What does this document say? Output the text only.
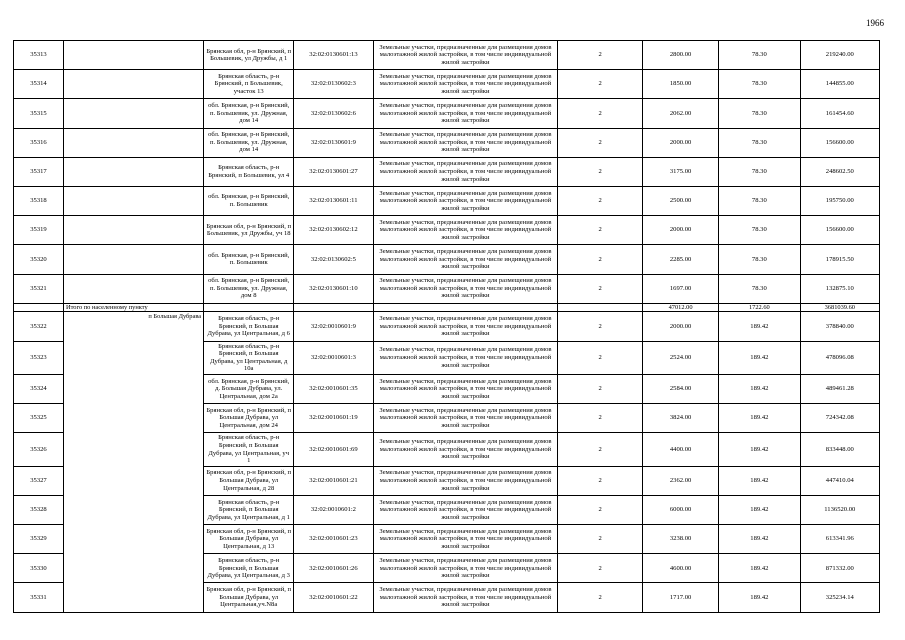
1966
35313		Брянская обл, р-н Брянский, п Большевик, ул Дружбы, д 1	32:02:0130601:13	Земельные участки, предназначенные для размещения домов малоэтажной жилой застройки, в том числе индивидуальной жилой застройки	2	2800.00	78.30	219240.00
35314		Брянская область, р-н Брянский, п Большевик, участок 13	32:02:0130602:3	Земельные участки, предназначенные для размещения домов малоэтажной жилой застройки, в том числе индивидуальной жилой застройки	2	1850.00	78.30	144855.00
35315		обл. Брянская, р-н Брянский, п. Большевик, ул. Дружная, дом 14	32:02:0130602:6	Земельные участки, предназначенные для размещения домов малоэтажной жилой застройки, в том числе индивидуальной жилой застройки	2	2062.00	78.30	161454.60
35316		обл. Брянская, р-н Брянский, п. Большевик, ул. Дружная, дом 14	32:02:0130601:9	Земельные участки, предназначенные для размещения домов малоэтажной жилой застройки, в том числе индивидуальной жилой застройки	2	2000.00	78.30	156600.00
35317		Брянская область, р-н Брянский, п Большевик, ул 4	32:02:0130601:27	Земельные участки, предназначенные для размещения домов малоэтажной жилой застройки, в том числе индивидуальной жилой застройки	2	3175.00	78.30	248602.50
35318		обл. Брянская, р-н Брянский, п. Большевик	32:02:0130601:11	Земельные участки, предназначенные для размещения домов малоэтажной жилой застройки, в том числе индивидуальной жилой застройки	2	2500.00	78.30	195750.00
35319		Брянская обл, р-н Брянский, п Большевик, ул Дружбы, уч 18	32:02:0130602:12	Земельные участки, предназначенные для размещения домов малоэтажной жилой застройки, в том числе индивидуальной жилой застройки	2	2000.00	78.30	156600.00
35320		обл. Брянская, р-н Брянский, п. Большевик	32:02:0130602:5	Земельные участки, предназначенные для размещения домов малоэтажной жилой застройки, в том числе индивидуальной жилой застройки	2	2285.00	78.30	178915.50
35321		обл. Брянская, р-н Брянский, п. Большевик, ул. Дружная, дом 8	32:02:0130601:10	Земельные участки, предназначенные для размещения домов малоэтажной жилой застройки, в том числе индивидуальной жилой застройки	2	1697.00	78.30	132875.10
	Итого по населенному пункту					47012.00	1722.60	3681039.60
35322	п Большая Дубрава	Брянская область, р-н Брянский, п Большая Дубрава, ул Центральная, д 6	32:02:0010601:9	Земельные участки, предназначенные для размещения домов малоэтажной жилой застройки, в том числе индивидуальной жилой застройки	2	2000.00	189.42	378840.00
35323		Брянская область, р-н Брянский, п Большая Дубрава, ул Центральная, д 10а	32:02:0010601:3	Земельные участки, предназначенные для размещения домов малоэтажной жилой застройки, в том числе индивидуальной жилой застройки	2	2524.00	189.42	478096.08
35324		обл. Брянская, р-н Брянский, д. Большая Дубрава, ул. Центральная, дом 2а	32:02:0010601:35	Земельные участки, предназначенные для размещения домов малоэтажной жилой застройки, в том числе индивидуальной жилой застройки	2	2584.00	189.42	489461.28
35325		Брянская обл, р-н Брянский, п Большая Дубрава, ул Центральная, дом 24	32:02:0010601:19	Земельные участки, предназначенные для размещения домов малоэтажной жилой застройки, в том числе индивидуальной жилой застройки	2	3824.00	189.42	724342.08
35326		Брянская область, р-н Брянский, п Большая Дубрава, ул Центральная, уч 1	32:02:0010601:69	Земельные участки, предназначенные для размещения домов малоэтажной жилой застройки, в том числе индивидуальной жилой застройки	2	4400.00	189.42	833448.00
35327		Брянская обл, р-н Брянский, п Большая Дубрава, ул Центральная, д 28	32:02:0010601:21	Земельные участки, предназначенные для размещения домов малоэтажной жилой застройки, в том числе индивидуальной жилой застройки	2	2362.00	189.42	447410.04
35328		Брянская область, р-н Брянский, п Большая Дубрава, ул Центральная, д 1	32:02:0010601:2	Земельные участки, предназначенные для размещения домов малоэтажной жилой застройки, в том числе индивидуальной жилой застройки	2	6000.00	189.42	1136520.00
35329		Брянская обл, р-н Брянский, п Большая Дубрава, ул Центральная, д 13	32:02:0010601:23	Земельные участки, предназначенные для размещения домов малоэтажной жилой застройки, в том числе индивидуальной жилой застройки	2	3238.00	189.42	613341.96
35330		Брянская область, р-н Брянский, п Большая Дубрава, ул Центральная, д 3	32:02:0010601:26	Земельные участки, предназначенные для размещения домов малоэтажной жилой застройки, в том числе индивидуальной жилой застройки	2	4600.00	189.42	871332.00
35331		Брянская обл, р-н Брянский, п Большая Дубрава, ул Центральная,уч.N8а	32:02:0010601:22	Земельные участки, предназначенные для размещения домов малоэтажной жилой застройки, в том числе индивидуальной жилой застройки	2	1717.00	189.42	325234.14
